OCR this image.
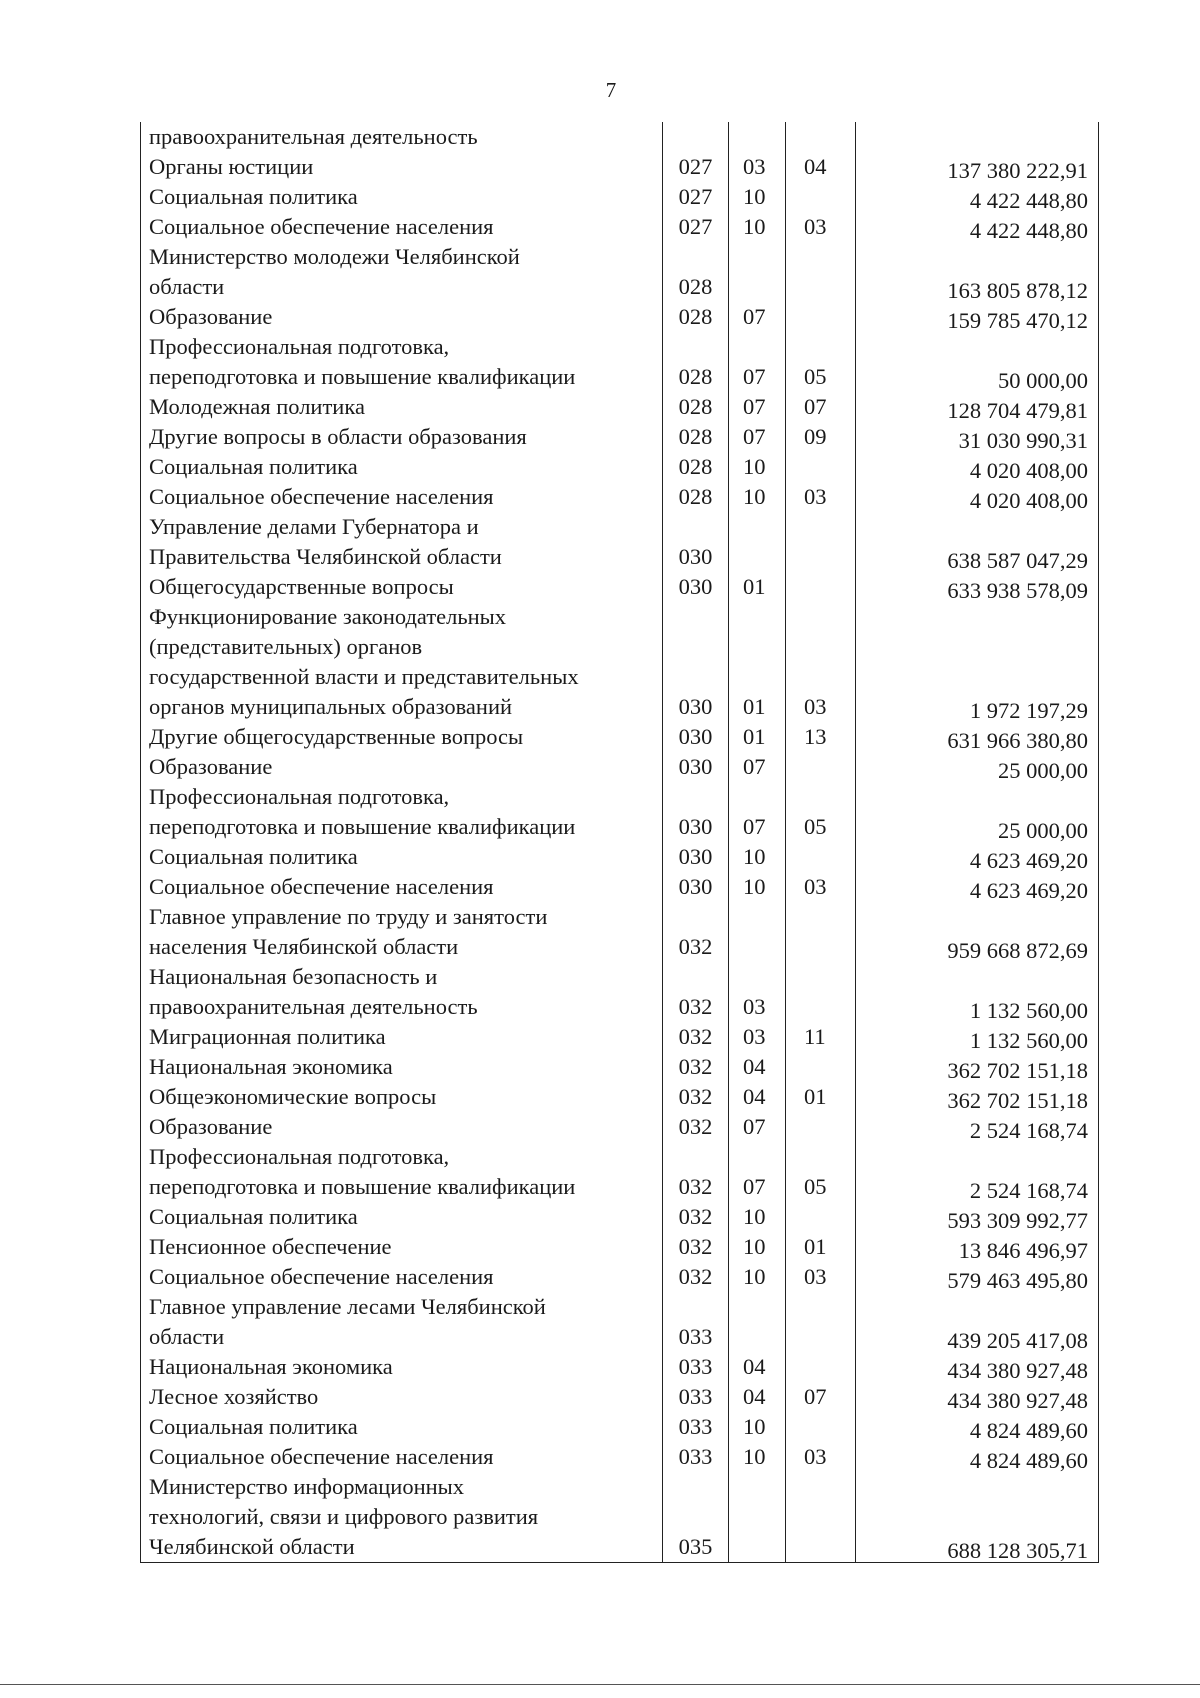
7
правоохранительная деятельность				

Органы юстиции	027	03	04	137 380 222,91

Социальная политика	027	10		4 422 448,80

Социальное обеспечение населения	027	10	03	4 422 448,80

Министерство молодежи Челябинской
области	028			163 805 878,12

Образование	028	07		159 785 470,12

Профессиональная подготовка,
переподготовка и повышение квалификации	028	07	05	50 000,00

Молодежная политика	028	07	07	128 704 479,81

Другие вопросы в области образования	028	07	09	31 030 990,31

Социальная политика	028	10		4 020 408,00

Социальное обеспечение населения	028	10	03	4 020 408,00

Управление делами Губернатора и
Правительства Челябинской области	030			638 587 047,29

Общегосударственные вопросы	030	01		633 938 578,09

Функционирование законодательных
(представительных) органов
государственной власти и представительных
органов муниципальных образований	030	01	03	1 972 197,29

Другие общегосударственные вопросы	030	01	13	631 966 380,80

Образование	030	07		25 000,00

Профессиональная подготовка,
переподготовка и повышение квалификации	030	07	05	25 000,00

Социальная политика	030	10		4 623 469,20

Социальное обеспечение населения	030	10	03	4 623 469,20

Главное управление по труду и занятости
населения Челябинской области	032			959 668 872,69

Национальная безопасность и
правоохранительная деятельность	032	03		1 132 560,00

Миграционная политика	032	03	11	1 132 560,00

Национальная экономика	032	04		362 702 151,18

Общеэкономические вопросы	032	04	01	362 702 151,18

Образование	032	07		2 524 168,74

Профессиональная подготовка,
переподготовка и повышение квалификации	032	07	05	2 524 168,74

Социальная политика	032	10		593 309 992,77

Пенсионное обеспечение	032	10	01	13 846 496,97

Социальное обеспечение населения	032	10	03	579 463 495,80

Главное управление лесами Челябинской
области	033			439 205 417,08

Национальная экономика	033	04		434 380 927,48

Лесное хозяйство	033	04	07	434 380 927,48

Социальная политика	033	10		4 824 489,60

Социальное обеспечение населения	033	10	03	4 824 489,60

Министерство информационных
технологий, связи и цифрового развития
Челябинской области	035			688 128 305,71
